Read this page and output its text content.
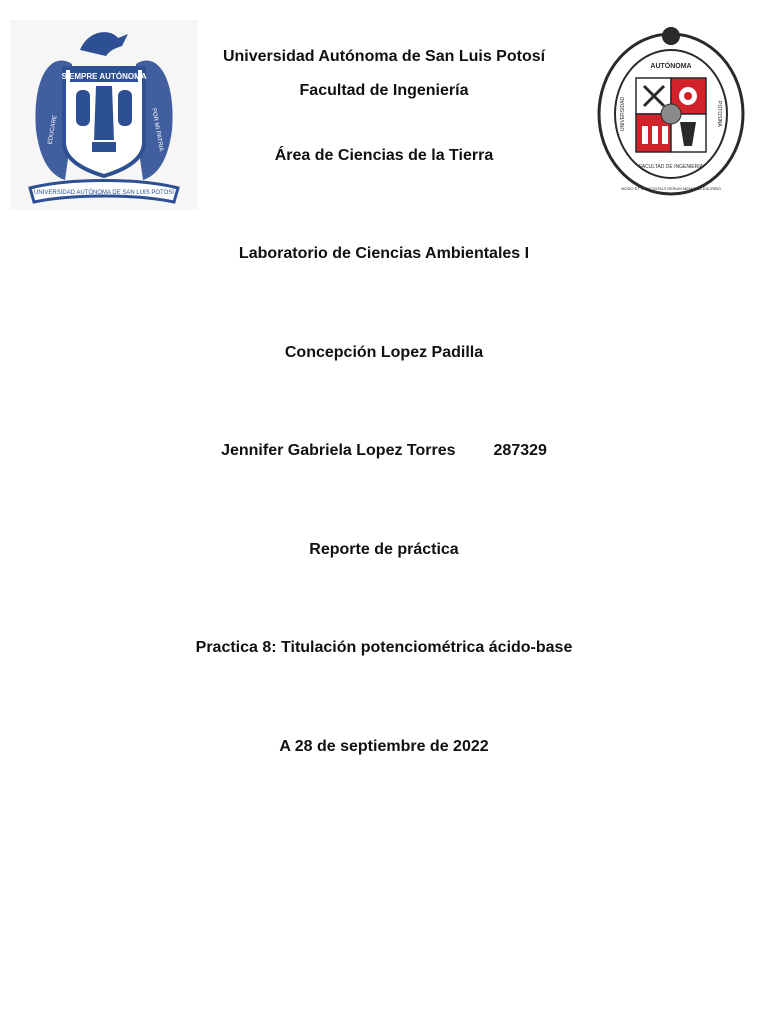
SIEMPRE AUTÓNOMA
UNIVERSIDAD AUTÓNOMA DE SAN LUIS POTOSÍ
EDUCARE	POR MI PATRIA
AUTÓNOMA
FACULTAD DE INGENIERIA
UNIVERSIDAD	POTOSINA
MODO ET CUNCTATIUS RERUM MEMORIA ESCRIBO
Universidad Autónoma de San Luis Potosí
Facultad de Ingeniería
Área de Ciencias de la Tierra
Laboratorio de Ciencias Ambientales I
Concepción Lopez Padilla
Jennifer Gabriela Lopez Torres 287329
Reporte de práctica
Practica 8: Titulación potenciométrica ácido-base
A 28 de septiembre de 2022
